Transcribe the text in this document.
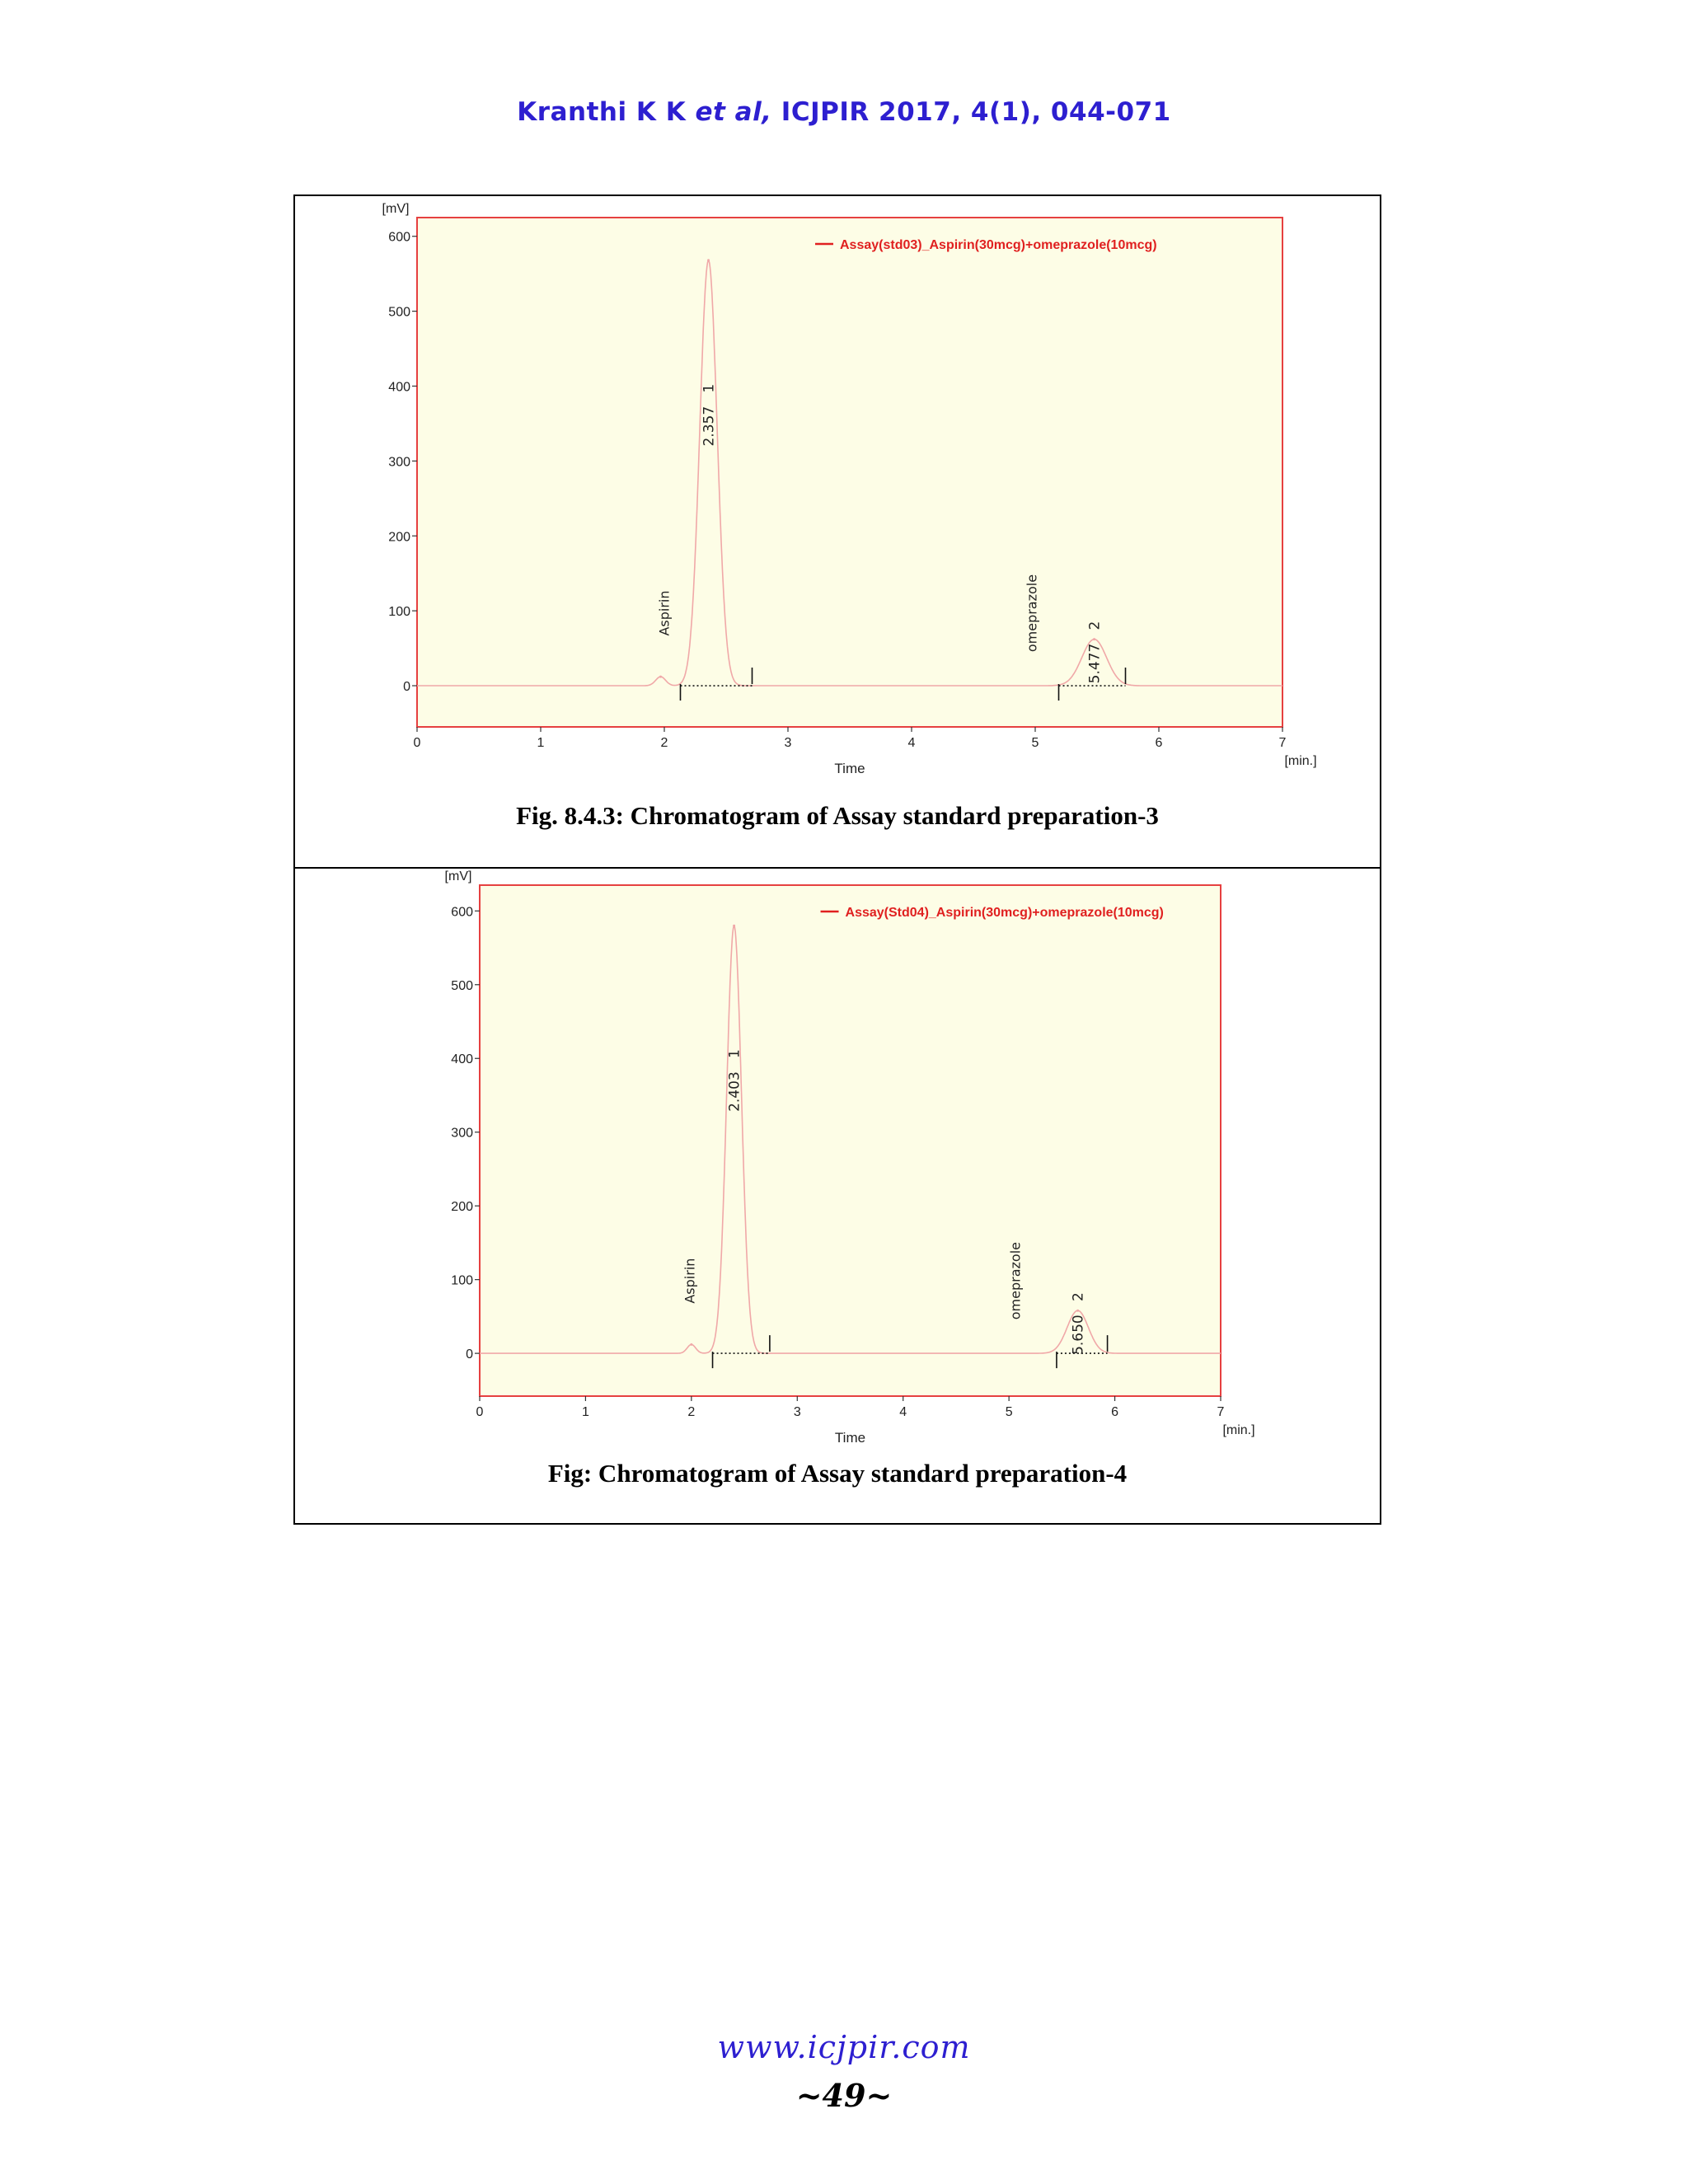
Kranthi K K et al, ICJPIR 2017, 4(1), 044-071
0
100
200
300
400
500
600
[mV]
0	1	2	3	4	5	6	7
[min.]
Time
Assay(std03)_Aspirin(30mcg)+omeprazole(10mcg)
2.357   1
Aspirin
5.477   2
omeprazole
Fig. 8.4.3: Chromatogram of Assay standard preparation-3
0
100
200
300
400
500
600
[mV]
0	1	2	3	4	5	6	7
[min.]
Time
Assay(Std04)_Aspirin(30mcg)+omeprazole(10mcg)
2.403   1
Aspirin
5.650   2
omeprazole
Fig: Chromatogram of Assay standard preparation-4
www.icjpir.com
~49~
